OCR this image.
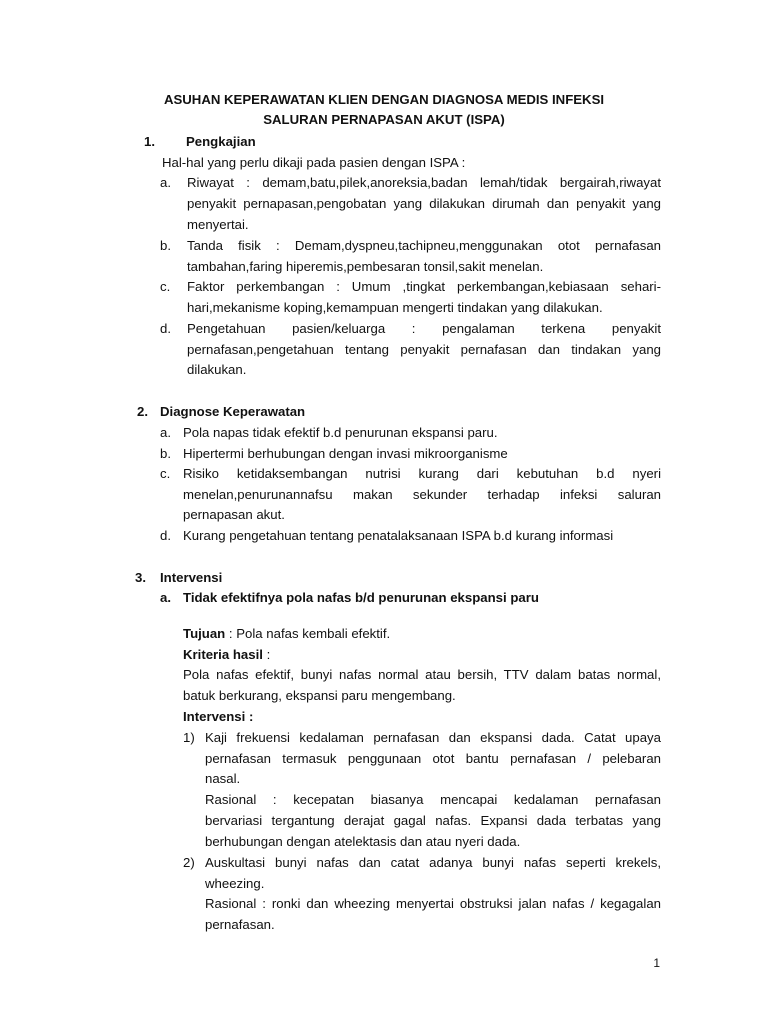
ASUHAN KEPERAWATAN KLIEN DENGAN DIAGNOSA MEDIS INFEKSI
SALURAN PERNAPASAN AKUT (ISPA)
1. Pengkajian
Hal-hal yang perlu dikaji pada pasien dengan ISPA :
a. Riwayat : demam,batu,pilek,anoreksia,badan lemah/tidak bergairah,riwayat
penyakit pernapasan,pengobatan yang dilakukan dirumah dan penyakit yang
menyertai.
b. Tanda fisik : Demam,dyspneu,tachipneu,menggunakan otot pernafasan
tambahan,faring hiperemis,pembesaran tonsil,sakit menelan.
c. Faktor perkembangan : Umum ,tingkat perkembangan,kebiasaan sehari-
hari,mekanisme koping,kemampuan mengerti tindakan yang dilakukan.
d. Pengetahuan pasien/keluarga : pengalaman terkena penyakit
pernafasan,pengetahuan tentang penyakit pernafasan dan tindakan yang
dilakukan.
2. Diagnose Keperawatan
a. Pola napas tidak efektif b.d penurunan ekspansi paru.
b. Hipertermi berhubungan dengan invasi mikroorganisme
c. Risiko ketidaksembangan nutrisi kurang dari kebutuhan b.d nyeri
menelan,penurunannafsu makan sekunder terhadap infeksi saluran
pernapasan akut.
d. Kurang pengetahuan tentang penatalaksanaan ISPA b.d kurang informasi
3. Intervensi
a. Tidak efektifnya pola nafas b/d penurunan ekspansi paru
Tujuan : Pola nafas kembali efektif.
Kriteria hasil :
Pola nafas efektif, bunyi nafas normal atau bersih, TTV dalam batas normal,
batuk berkurang, ekspansi paru mengembang.
Intervensi :
1) Kaji frekuensi kedalaman pernafasan dan ekspansi dada. Catat upaya
pernafasan termasuk penggunaan otot bantu pernafasan / pelebaran
nasal.
Rasional : kecepatan biasanya mencapai kedalaman pernafasan
bervariasi tergantung derajat gagal nafas. Expansi dada terbatas yang
berhubungan dengan atelektasis dan atau nyeri dada.
2) Auskultasi bunyi nafas dan catat adanya bunyi nafas seperti krekels,
wheezing.
Rasional : ronki dan wheezing menyertai obstruksi jalan nafas / kegagalan
pernafasan.
1
